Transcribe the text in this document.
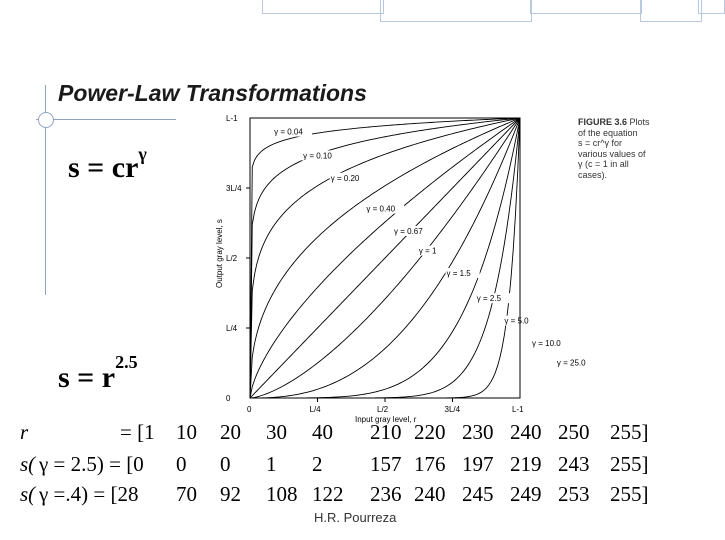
Power-Law Transformations
$s = cr^\gamma$
$s = r^{2.5}$
FIGURE 3.6 Plots
of the equation
s = cr^γ for
various values of
γ (c = 1 in all
cases).
γ = 0.04
γ = 0.10
γ = 0.20
γ = 0.40
γ = 0.67
γ = 1
γ = 1.5
γ = 2.5
γ = 5.0
γ = 10.0
γ = 25.0
0	L/4	L/2	3L/4	L-1
0
L/4
L/2
3L/4
L-1
Input gray level, r
Output gray level, s
r	= [1 10 20 30 40 210 220 230 240 250 255]
s( γ = 2.5) = [0 0 0 1 2 157 176 197 219 243 255]
s( γ =.4) = [28 70 92 108 122 236 240 245 249 253 255]
H.R. Pourreza
